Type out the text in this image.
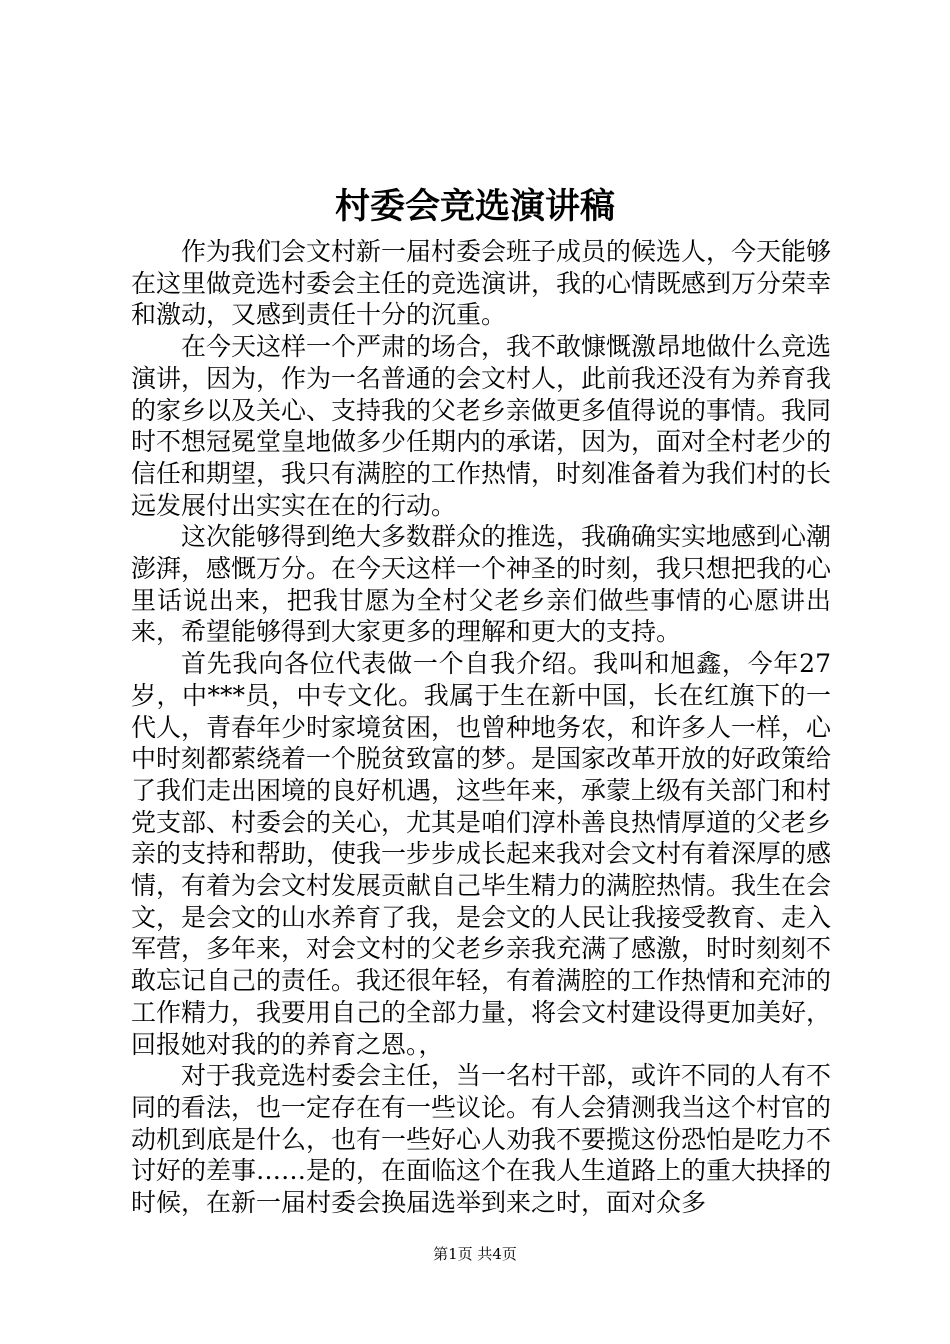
村委会竞选演讲稿

作为我们会文村新一届村委会班子成员的候选人，今天能够在这里做竞选村委会主任的竞选演讲，我的心情既感到万分荣幸和激动，又感到责任十分的沉重。

在今天这样一个严肃的场合，我不敢慷慨激昂地做什么竞选演讲，因为，作为一名普通的会文村人，此前我还没有为养育我的家乡以及关心、支持我的父老乡亲做更多值得说的事情。我同时不想冠冕堂皇地做多少任期内的承诺，因为，面对全村老少的信任和期望，我只有满腔的工作热情，时刻准备着为我们村的长远发展付出实实在在的行动。

这次能够得到绝大多数群众的推选，我确确实实地感到心潮澎湃，感慨万分。在今天这样一个神圣的时刻，我只想把我的心里话说出来，把我甘愿为全村父老乡亲们做些事情的心愿讲出来，希望能够得到大家更多的理解和更大的支持。

首先我向各位代表做一个自我介绍。我叫和旭鑫，今年27岁，中***员，中专文化。我属于生在新中国，长在红旗下的一代人，青春年少时家境贫困，也曾种地务农，和许多人一样，心中时刻都萦绕着一个脱贫致富的梦。是国家改革开放的好政策给了我们走出困境的良好机遇，这些年来，承蒙上级有关部门和村党支部、村委会的关心，尤其是咱们淳朴善良热情厚道的父老乡亲的支持和帮助，使我一步步成长起来我对会文村有着深厚的感情，有着为会文村发展贡献自己毕生精力的满腔热情。我生在会文，是会文的山水养育了我，是会文的人民让我接受教育、走入军营，多年来，对会文村的父老乡亲我充满了感激，时时刻刻不敢忘记自己的责任。我还很年轻，有着满腔的工作热情和充沛的工作精力，我要用自己的全部力量，将会文村建设得更加美好，回报她对我的的养育之恩。，

对于我竞选村委会主任，当一名村干部，或许不同的人有不同的看法，也一定存在有一些议论。有人会猜测我当这个村官的动机到底是什么，也有一些好心人劝我不要揽这份恐怕是吃力不讨好的差事……是的，在面临这个在我人生道路上的重大抉择的时候，在新一届村委会换届选举到来之时，面对众多

第1页 共4页
